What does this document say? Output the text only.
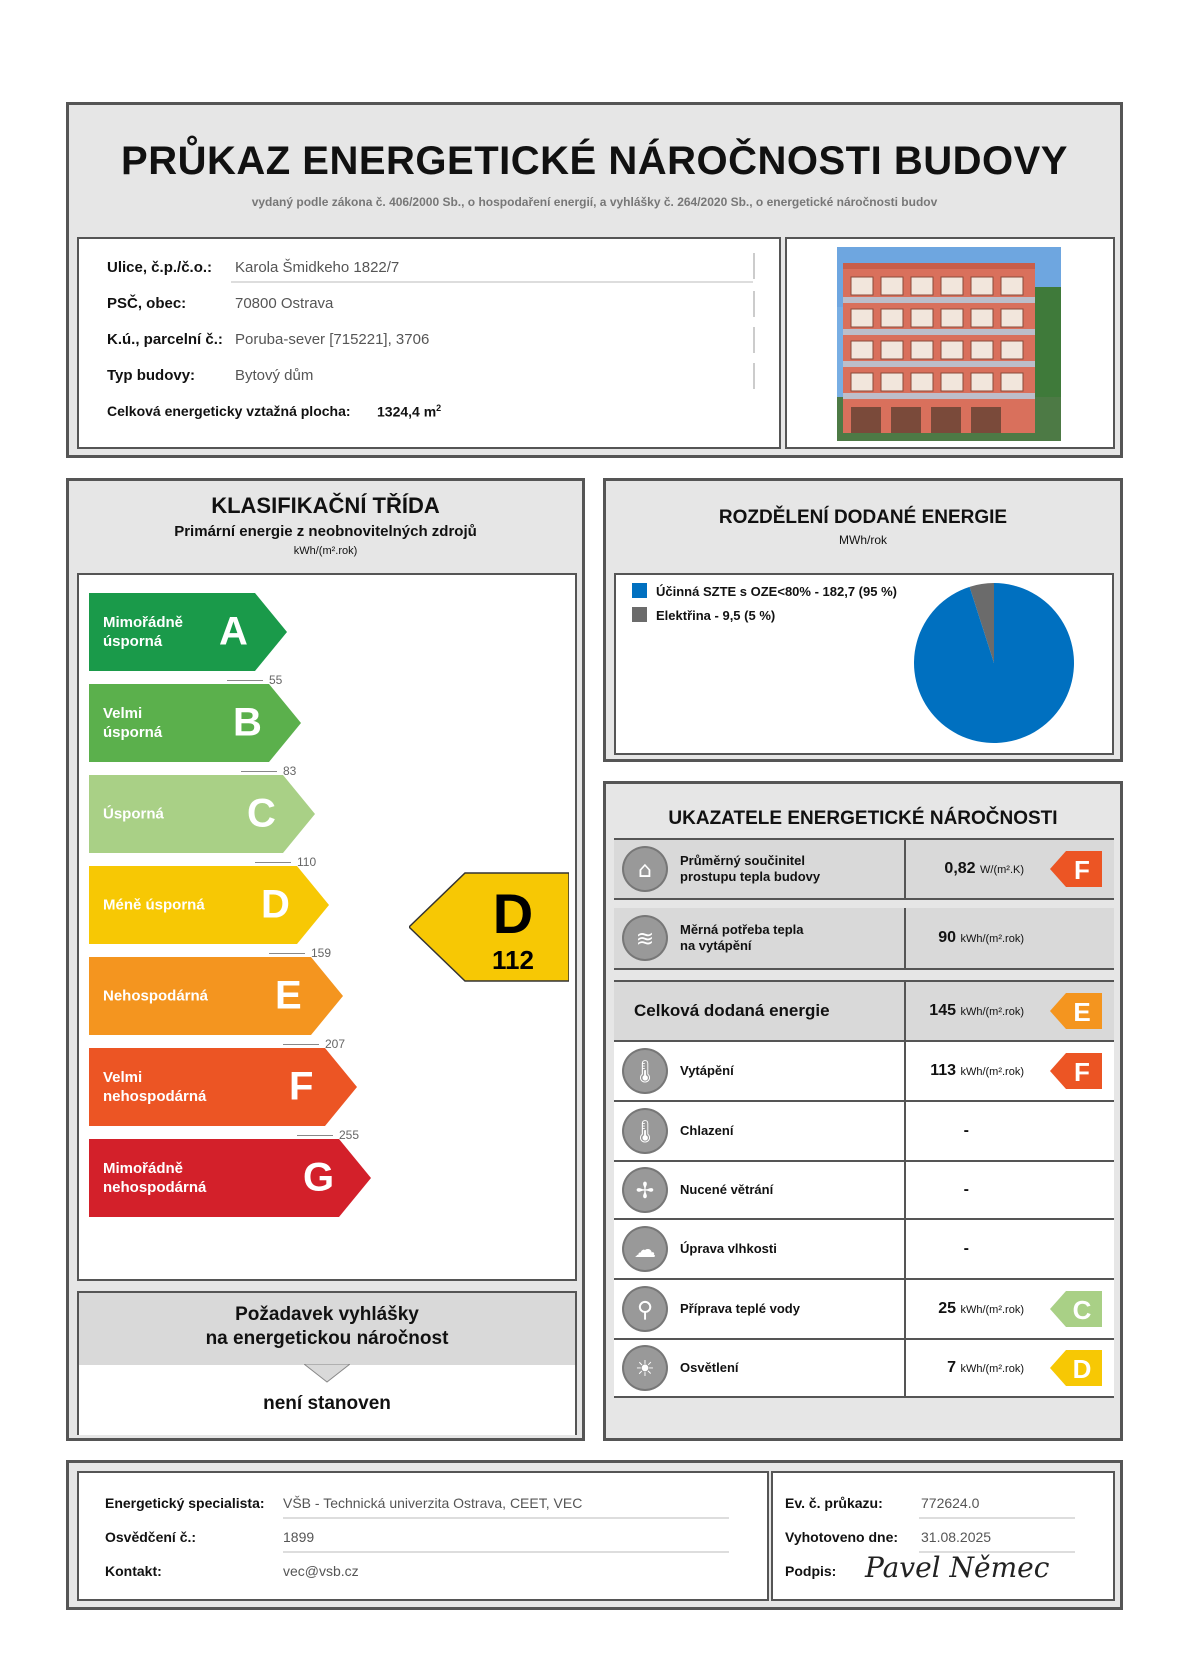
PRŮKAZ ENERGETICKÉ NÁROČNOSTI BUDOVY
vydaný podle zákona č. 406/2000 Sb., o hospodaření energií, a vyhlášky č. 264/2020 Sb., o energetické náročnosti budov
Ulice, č.p./č.o.: Karola Šmidkeho 1822/7
PSČ, obec:	70800 Ostrava
K.ú., parcelní č.: Poruba-sever [715221], 3706
Typ budovy:	Bytový dům
Celková energeticky vztažná plocha: 1324,4 $m^2$
KLASIFIKAČNÍ TŘÍDA
Primární energie z neobnovitelných zdrojů
kWh/(m².rok)
Mimořádně
úsporná	A
Velmi
úsporná B
Úsporná C
Méně úsporná D
Nehospodárná E
Velmi
nehospodárná F
Mimořádně
nehospodárná G
55
83
110
159
207
255
D
112
Požadavek vyhlášky
na energetickou náročnost
není stanoven
ROZDĚLENÍ DODANÉ ENERGIE
MWh/rok
Účinná SZTE s OZE<80% - 182,7 (95 %)
Elektřina - 9,5 (5 %)
UKAZATELE ENERGETICKÉ NÁROČNOSTI
⌂ Průměrný součinitel
prostupu tepla budovy	0,82 W/(m².K) F
≋ Měrná potřeba tepla
na vytápění	90 kWh/(m².rok)
Celková dodaná energie	145 kWh/(m².rok) E
🌡 Vytápění	113 kWh/(m².rok) F
🌡 Chlazení	-
✢ Nucené větrání	-
☁ Úprava vlhkosti	-
⚲ Příprava teplé vody	25 kWh/(m².rok) C
☀ Osvětlení	7 kWh/(m².rok) D
Energetický specialista: VŠB - Technická univerzita Ostrava, CEET, VEC
Osvědčení č.:	1899
Kontakt:	vec@vsb.cz
Ev. č. průkazu:	772624.0
Vyhotoveno dne: 31.08.2025
Podpis: Pavel Němec
